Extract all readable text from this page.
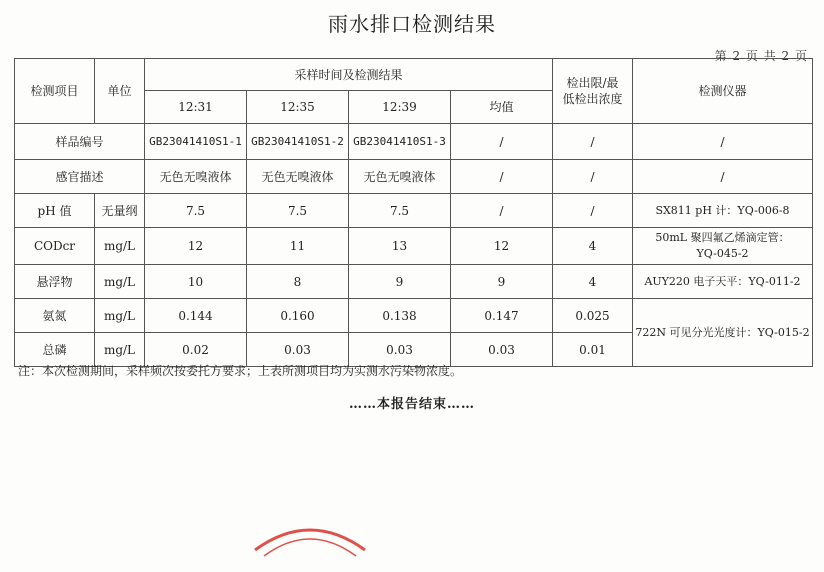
雨水排口检测结果
第 2 页 共 2 页
检测项目	单位	采样时间及检测结果				检出限/最
低检出浓度	检测仪器
		12:31	12:35	12:39	均值		
样品编号		GB23041410S1-1	GB23041410S1-2	GB23041410S1-3	/	/	/
感官描述		无色无嗅液体	无色无嗅液体	无色无嗅液体	/	/	/
pH 值	无量纲	7.5	7.5	7.5	/	/	SX811 pH 计：YQ-006-8
CODcr	mg/L	12	11	13	12	4	50mL 聚四氟乙烯滴定管：
YQ-045-2

悬浮物	mg/L	10	8	9	9	4	AUY220 电子天平：YQ-011-2
氨氮	mg/L	0.144	0.160	0.138	0.147	0.025	722N 可见分光光度计：YQ-015-2
总磷	mg/L	0.02	0.03	0.03	0.03	0.01	
注：本次检测期间，采样频次按委托方要求；上表所测项目均为实测水污染物浓度。
……本报告结束……
